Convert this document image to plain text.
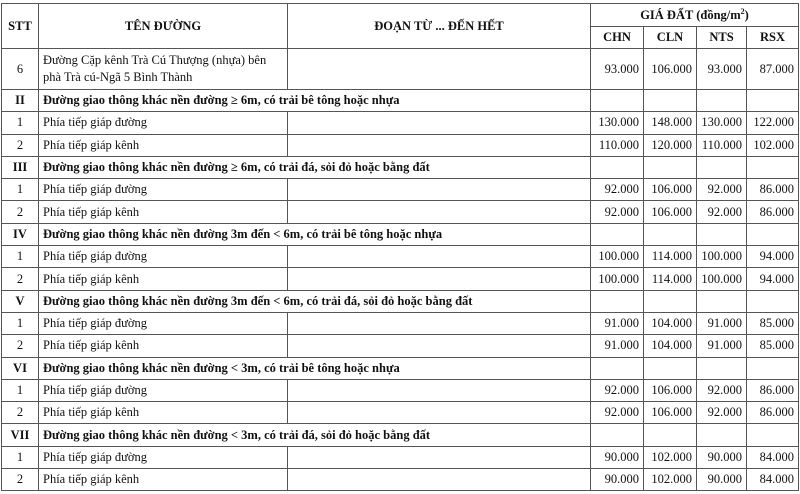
STT	TÊN ĐƯỜNG	ĐOẠN TỪ ... ĐẾN HẾT	GIÁ ĐẤT $(đồng/m^2)$			
			CHN	CLN	NTS	RSX
6	Đường Cặp kênh Trà Cú Thượng (nhựa) bên phà Trà cú-Ngã 5 Bình Thành		93.000	106.000	93.000	87.000
II	Đường giao thông khác nền đường ≥ 6m, có trải bê tông hoặc nhựa					
1	Phía tiếp giáp đường		130.000	148.000	130.000	122.000
2	Phía tiếp giáp kênh		110.000	120.000	110.000	102.000
III	Đường giao thông khác nền đường ≥ 6m, có trải đá, sỏi đỏ hoặc bằng đất					
1	Phía tiếp giáp đường		92.000	106.000	92.000	86.000
2	Phía tiếp giáp kênh		92.000	106.000	92.000	86.000
IV	Đường giao thông khác nền đường 3m đến < 6m, có trải bê tông hoặc nhựa					
1	Phía tiếp giáp đường		100.000	114.000	100.000	94.000
2	Phía tiếp giáp kênh		100.000	114.000	100.000	94.000
V	Đường giao thông khác nền đường 3m đến < 6m, có trải đá, sỏi đỏ hoặc bằng đất					
1	Phía tiếp giáp đường		91.000	104.000	91.000	85.000
2	Phía tiếp giáp kênh		91.000	104.000	91.000	85.000
VI	Đường giao thông khác nền đường < 3m, có trải bê tông hoặc nhựa					
1	Phía tiếp giáp đường		92.000	106.000	92.000	86.000
2	Phía tiếp giáp kênh		92.000	106.000	92.000	86.000
VII	Đường giao thông khác nền đường < 3m, có trải đá, sỏi đỏ hoặc bằng đất					
1	Phía tiếp giáp đường		90.000	102.000	90.000	84.000
2	Phía tiếp giáp kênh		90.000	102.000	90.000	84.000
